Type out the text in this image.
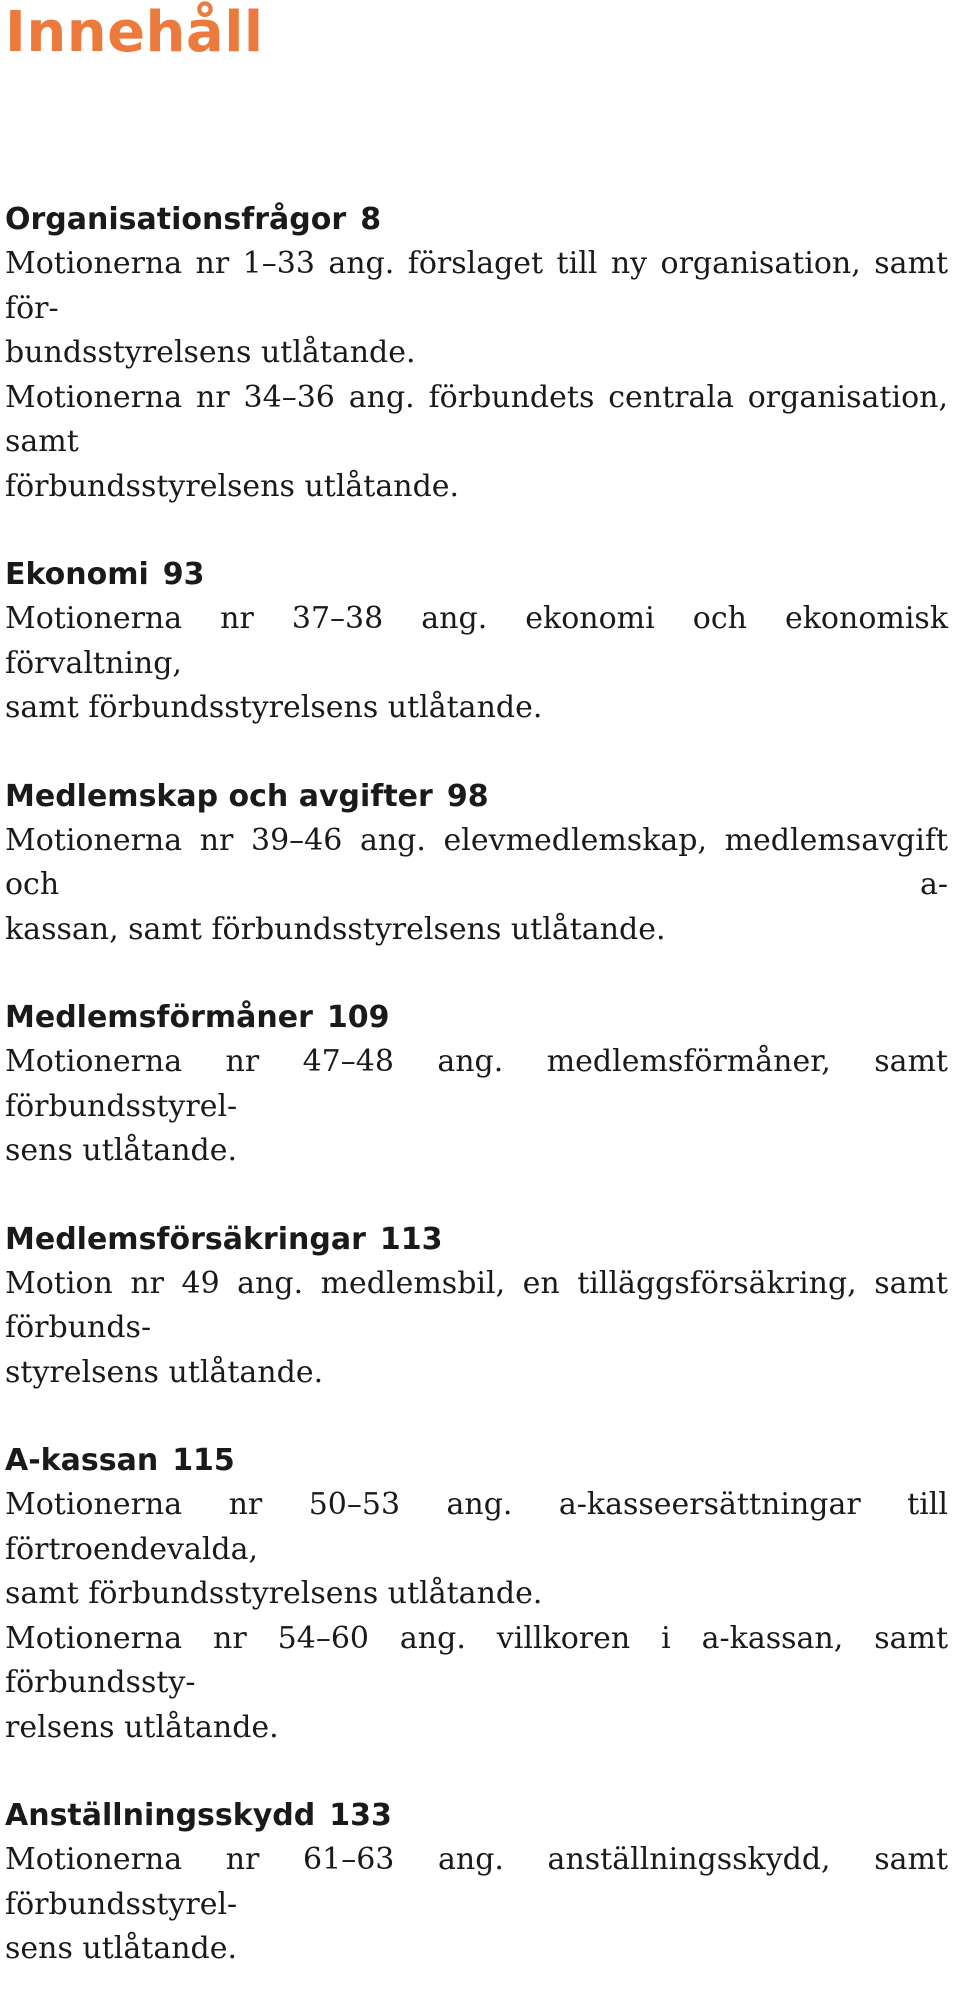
Innehåll
Organisationsfrågor 8
Motionerna nr 1–33 ang. förslaget till ny organisation, samt för-
bundsstyrelsens utlåtande.
Motionerna nr 34–36 ang. förbundets centrala organisation, samt
förbundsstyrelsens utlåtande.
Ekonomi 93
Motionerna nr 37–38 ang. ekonomi och ekonomisk förvaltning,
samt förbundsstyrelsens utlåtande.
Medlemskap och avgifter 98
Motionerna nr 39–46 ang. elevmedlemskap, medlemsavgift och a-
kassan, samt förbundsstyrelsens utlåtande.
Medlemsförmåner 109
Motionerna nr 47–48 ang. medlemsförmåner, samt förbundsstyrel-
sens utlåtande.
Medlemsförsäkringar 113
Motion nr 49 ang. medlemsbil, en tilläggsförsäkring, samt förbunds-
styrelsens utlåtande.
A-kassan 115
Motionerna nr 50–53 ang. a-kasseersättningar till förtroendevalda,
samt förbundsstyrelsens utlåtande.
Motionerna nr 54–60 ang. villkoren i a-kassan, samt förbundssty-
relsens utlåtande.
Anställningsskydd 133
Motionerna nr 61–63 ang. anställningsskydd, samt förbundsstyrel-
sens utlåtande.
